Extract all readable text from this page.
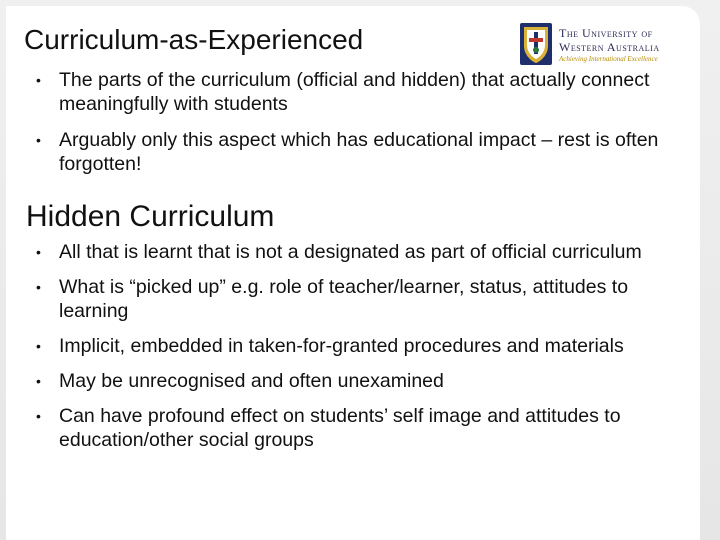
Curriculum-as-Experienced	The University of
Western Australia
Achieving International Excellence
• The parts of the curriculum (official and hidden) that actually connect meaningfully with students
• Arguably only this aspect which has educational impact – rest is often forgotten!
Hidden Curriculum
• All that is learnt that is not a designated as part of official curriculum
• What is “picked up” e.g. role of teacher/learner, status, attitudes to learning
• Implicit, embedded in taken-for-granted procedures and materials
• May be unrecognised and often unexamined
• Can have profound effect on students’ self image and attitudes to education/other social groups
